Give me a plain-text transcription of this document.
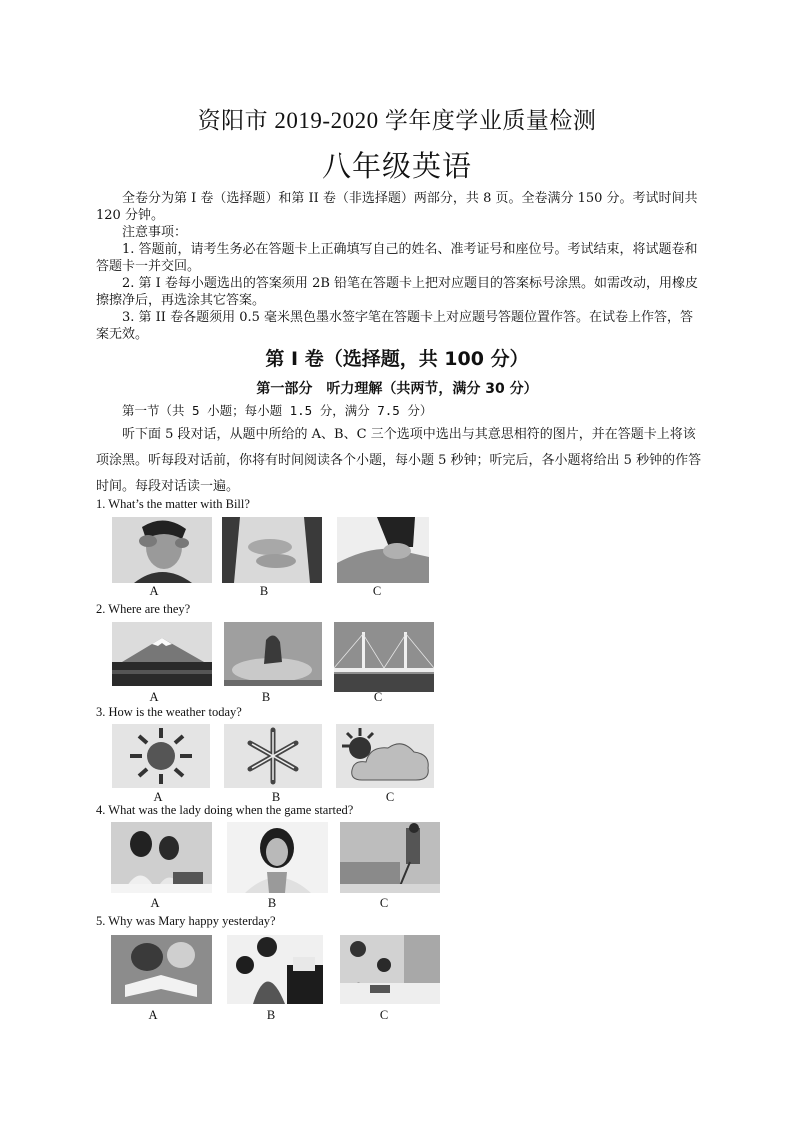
资阳市 2019-2020 学年度学业质量检测
八年级英语

全卷分为第 I 卷（选择题）和第 II 卷（非选择题）两部分，共 8 页。全卷满分 150 分。考试时间共 120 分钟。

注意事项：

1. 答题前，请考生务必在答题卡上正确填写自己的姓名、准考证号和座位号。考试结束，将试题卷和答题卡一并交回。

2. 第 I 卷每小题选出的答案须用 2B 铅笔在答题卡上把对应题目的答案标号涂黑。如需改动，用橡皮擦擦净后，再选涂其它答案。

3. 第 II 卷各题须用 0.5 毫米黑色墨水签字笔在答题卡上对应题号答题位置作答。在试卷上作答，答案无效。

第 I 卷（选择题，共 100 分）
第一部分　听力理解（共两节，满分 30 分）
第一节（共 5 小题；每小题 1.5 分，满分 7.5 分）

听下面 5 段对话，从题中所给的 A、B、C 三个选项中选出与其意思相符的图片，并在答题卡上将该项涂黑。听每段对话前，你将有时间阅读各个小题，每小题 5 秒钟；听完后，各小题将给出 5 秒钟的作答时间。每段对话读一遍。

1. What’s the matter with Bill?
A	B	C
2. Where are they?
A	B	C
3. How is the weather today?
A	B	C
4. What was the lady doing when the game started?
A	B	C
5. Why was Mary happy yesterday?
A	B	C
